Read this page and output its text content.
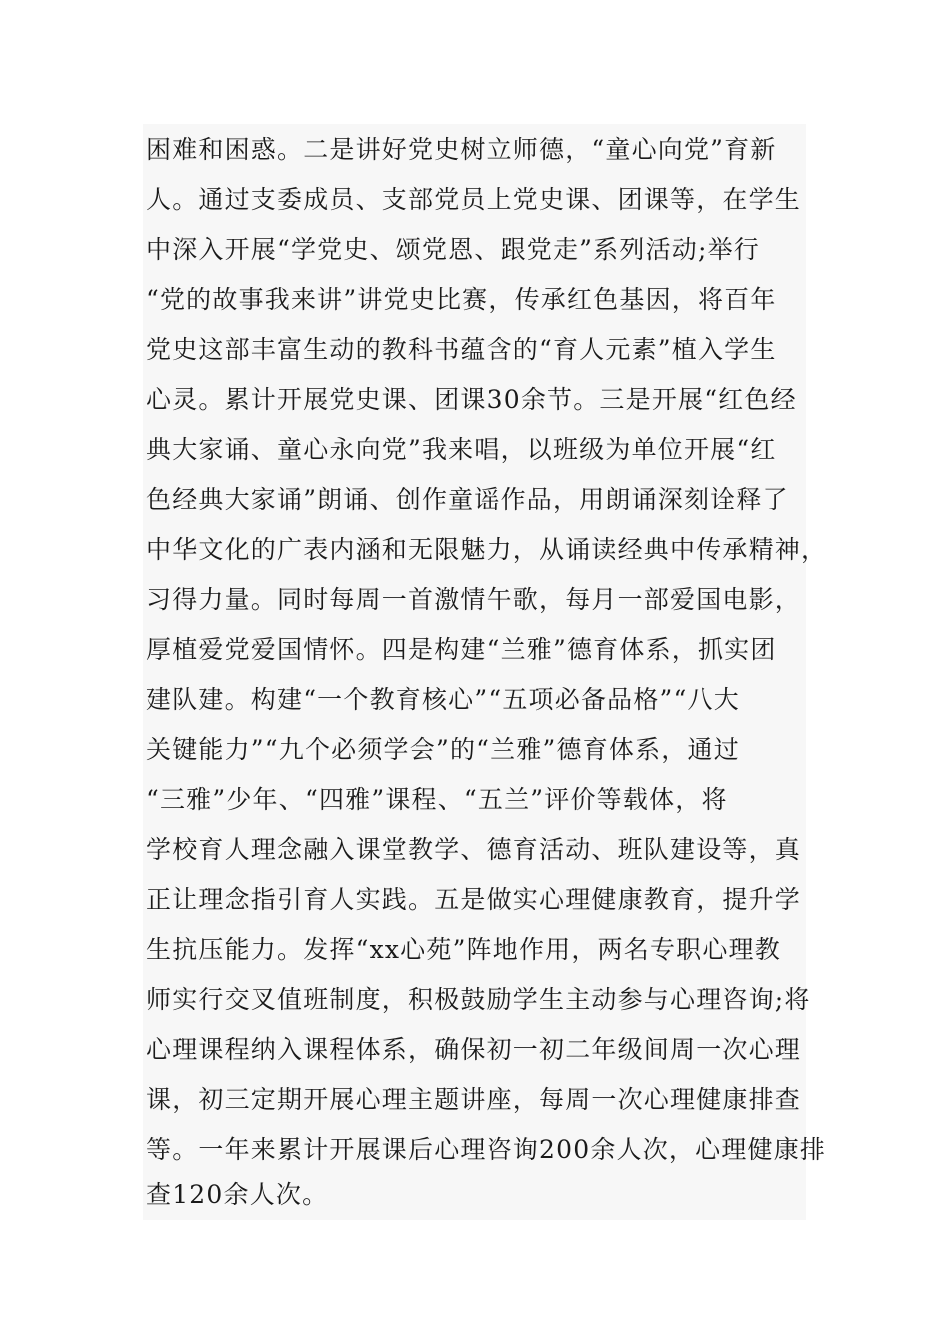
困难和困惑。二是讲好党史树立师德，“童心向党”育新
人。通过支委成员、支部党员上党史课、团课等，在学生
中深入开展“学党史、颂党恩、跟党走”系列活动;举行
“党的故事我来讲”讲党史比赛，传承红色基因，将百年
党史这部丰富生动的教科书蕴含的“育人元素”植入学生
心灵。累计开展党史课、团课30余节。三是开展“红色经
典大家诵、童心永向党”我来唱，以班级为单位开展“红
色经典大家诵”朗诵、创作童谣作品，用朗诵深刻诠释了
中华文化的广表内涵和无限魅力，从诵读经典中传承精神，
习得力量。同时每周一首激情午歌，每月一部爱国电影，
厚植爱党爱国情怀。四是构建“兰雅”德育体系，抓实团
建队建。构建“一个教育核心”“五项必备品格”“八大
关键能力”“九个必须学会”的“兰雅”德育体系，通过
“三雅”少年、“四雅”课程、“五兰”评价等载体，将
学校育人理念融入课堂教学、德育活动、班队建设等，真
正让理念指引育人实践。五是做实心理健康教育，提升学
生抗压能力。发挥“xx心苑”阵地作用，两名专职心理教
师实行交叉值班制度，积极鼓励学生主动参与心理咨询;将
心理课程纳入课程体系，确保初一初二年级间周一次心理
课，初三定期开展心理主题讲座，每周一次心理健康排查
等。一年来累计开展课后心理咨询200余人次，心理健康排
查120余人次。
